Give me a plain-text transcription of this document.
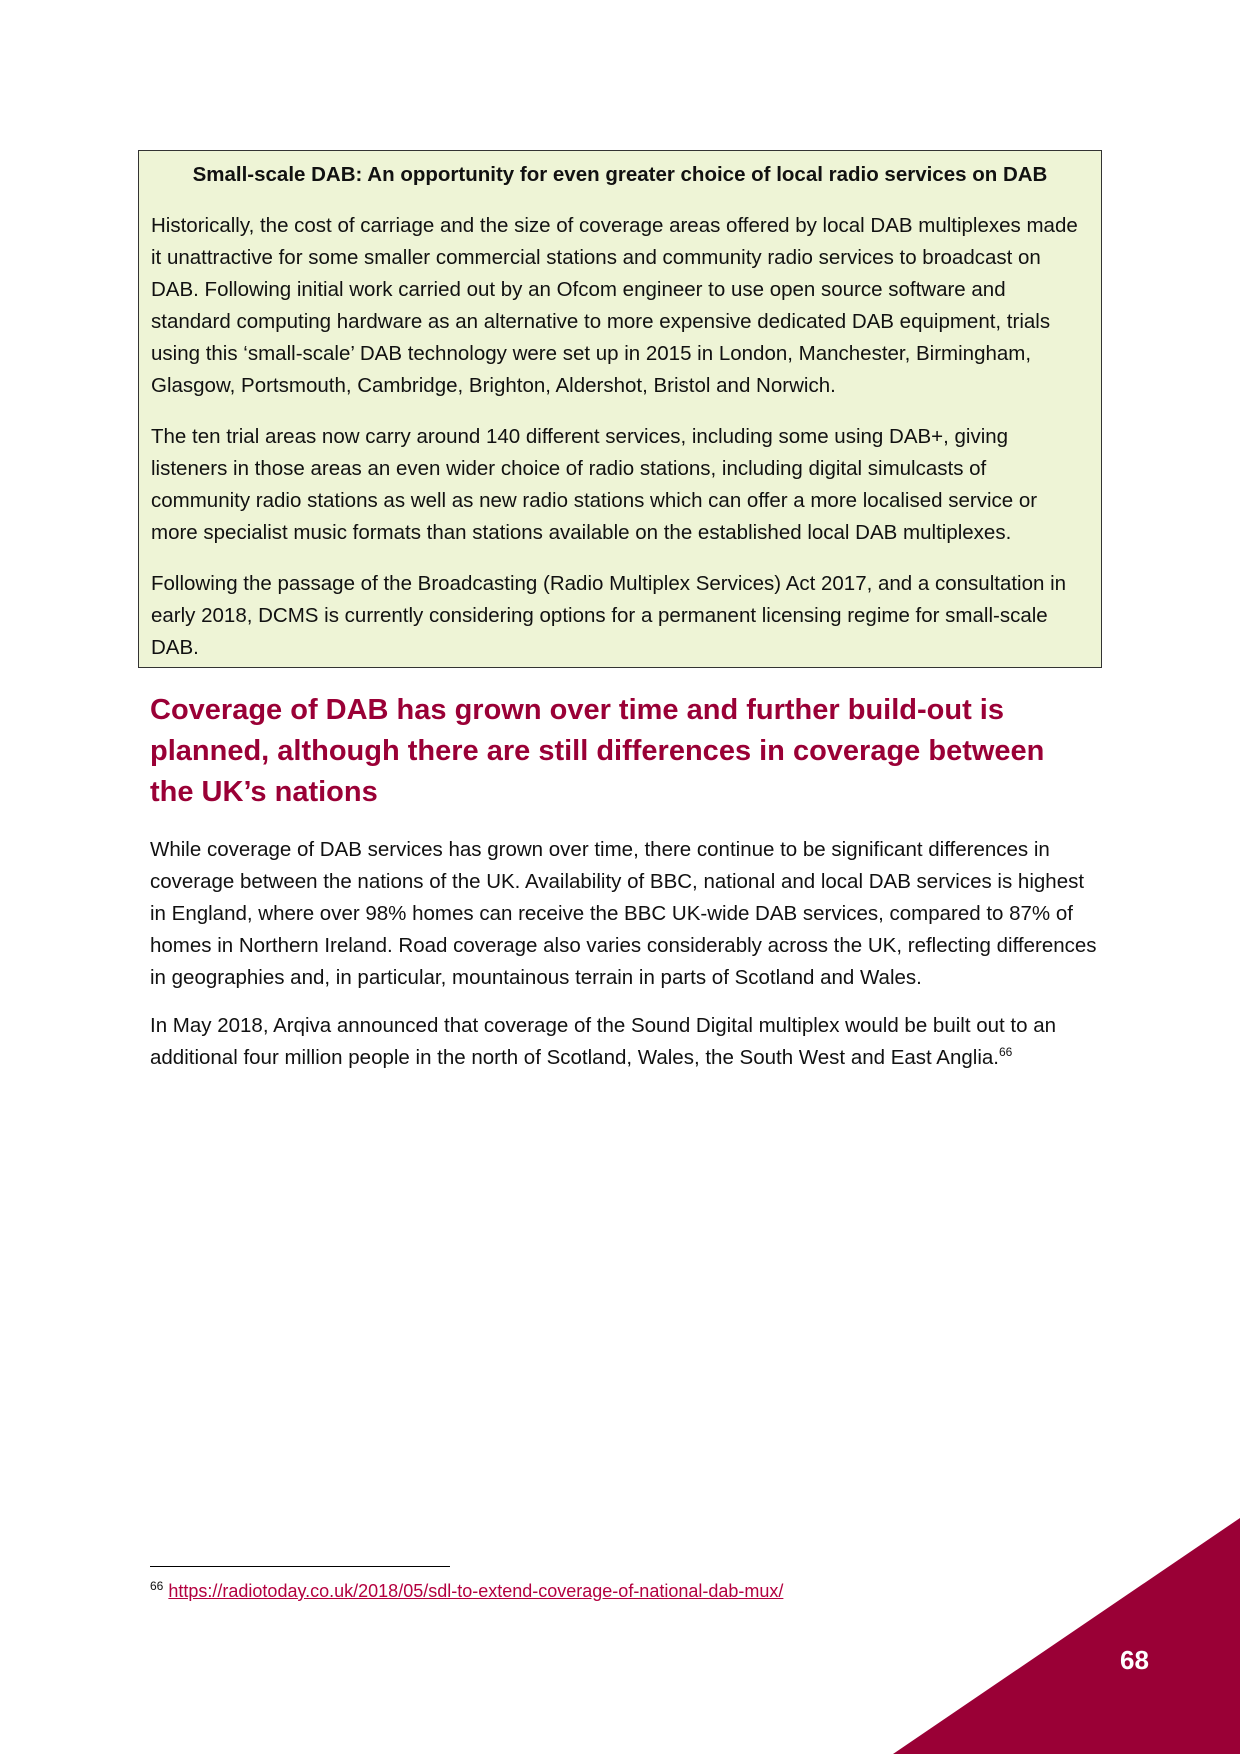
Small-scale DAB: An opportunity for even greater choice of local radio services on DAB

Historically, the cost of carriage and the size of coverage areas offered by local DAB multiplexes made it unattractive for some smaller commercial stations and community radio services to broadcast on DAB. Following initial work carried out by an Ofcom engineer to use open source software and standard computing hardware as an alternative to more expensive dedicated DAB equipment, trials using this ‘small-scale’ DAB technology were set up in 2015 in London, Manchester, Birmingham, Glasgow, Portsmouth, Cambridge, Brighton, Aldershot, Bristol and Norwich.

The ten trial areas now carry around 140 different services, including some using DAB+, giving listeners in those areas an even wider choice of radio stations, including digital simulcasts of community radio stations as well as new radio stations which can offer a more localised service or more specialist music formats than stations available on the established local DAB multiplexes.

Following the passage of the Broadcasting (Radio Multiplex Services) Act 2017, and a consultation in early 2018, DCMS is currently considering options for a permanent licensing regime for small-scale DAB.

Coverage of DAB has grown over time and further build-out is planned, although there are still differences in coverage between the UK’s nations

While coverage of DAB services has grown over time, there continue to be significant differences in coverage between the nations of the UK. Availability of BBC, national and local DAB services is highest in England, where over 98% homes can receive the BBC UK-wide DAB services, compared to 87% of homes in Northern Ireland. Road coverage also varies considerably across the UK, reflecting differences in geographies and, in particular, mountainous terrain in parts of Scotland and Wales.

In May 2018, Arqiva announced that coverage of the Sound Digital multiplex would be built out to an additional four million people in the north of Scotland, Wales, the South West and East Anglia.$^{66}$

$^{66}$ https://radiotoday.co.uk/2018/05/sdl-to-extend-coverage-of-national-dab-mux/
68
